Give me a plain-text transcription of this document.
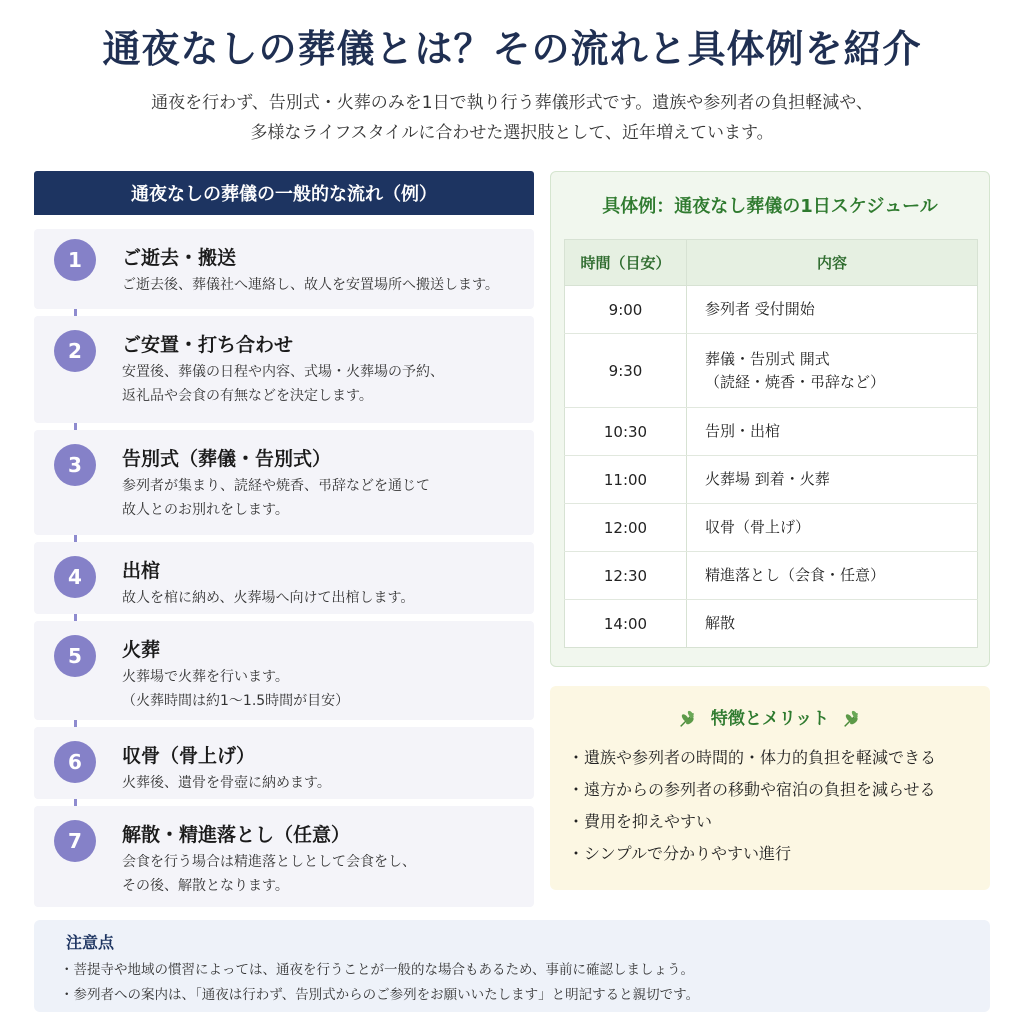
通夜なしの葬儀とは？その流れと具体例を紹介
通夜を行わず、告別式・火葬のみを1日で執り行う葬儀形式です。遺族や参列者の負担軽減や、
多様なライフスタイルに合わせた選択肢として、近年増えています。
通夜なしの葬儀の一般的な流れ（例）
1	ご逝去・搬送
ご逝去後、葬儀社へ連絡し、故人を安置場所へ搬送します。
2	ご安置・打ち合わせ
安置後、葬儀の日程や内容、式場・火葬場の予約、
返礼品や会食の有無などを決定します。
3	告別式（葬儀・告別式）
参列者が集まり、読経や焼香、弔辞などを通じて
故人とのお別れをします。
4	出棺
故人を棺に納め、火葬場へ向けて出棺します。
5	火葬
火葬場で火葬を行います。
（火葬時間は約1～1.5時間が目安）
6	収骨（骨上げ）
火葬後、遺骨を骨壺に納めます。
7	解散・精進落とし（任意）
会食を行う場合は精進落としとして会食をし、
その後、解散となります。
具体例：通夜なし葬儀の1日スケジュール
時間（目安）	内容
9:00	参列者 受付開始

9:30	葬儀・告別式 開式
（読経・焼香・弔辞など）

10:30	告別・出棺

11:00	火葬場 到着・火葬

12:00	収骨（骨上げ）

12:30	精進落とし（会食・任意）

14:00	解散
特徴とメリット
・遺族や参列者の時間的・体力的負担を軽減できる
・遠方からの参列者の移動や宿泊の負担を減らせる
・費用を抑えやすい
・シンプルで分かりやすい進行
注意点
・菩提寺や地域の慣習によっては、通夜を行うことが一般的な場合もあるため、事前に確認しましょう。
・参列者への案内は、「通夜は行わず、告別式からのご参列をお願いいたします」と明記すると親切です。
